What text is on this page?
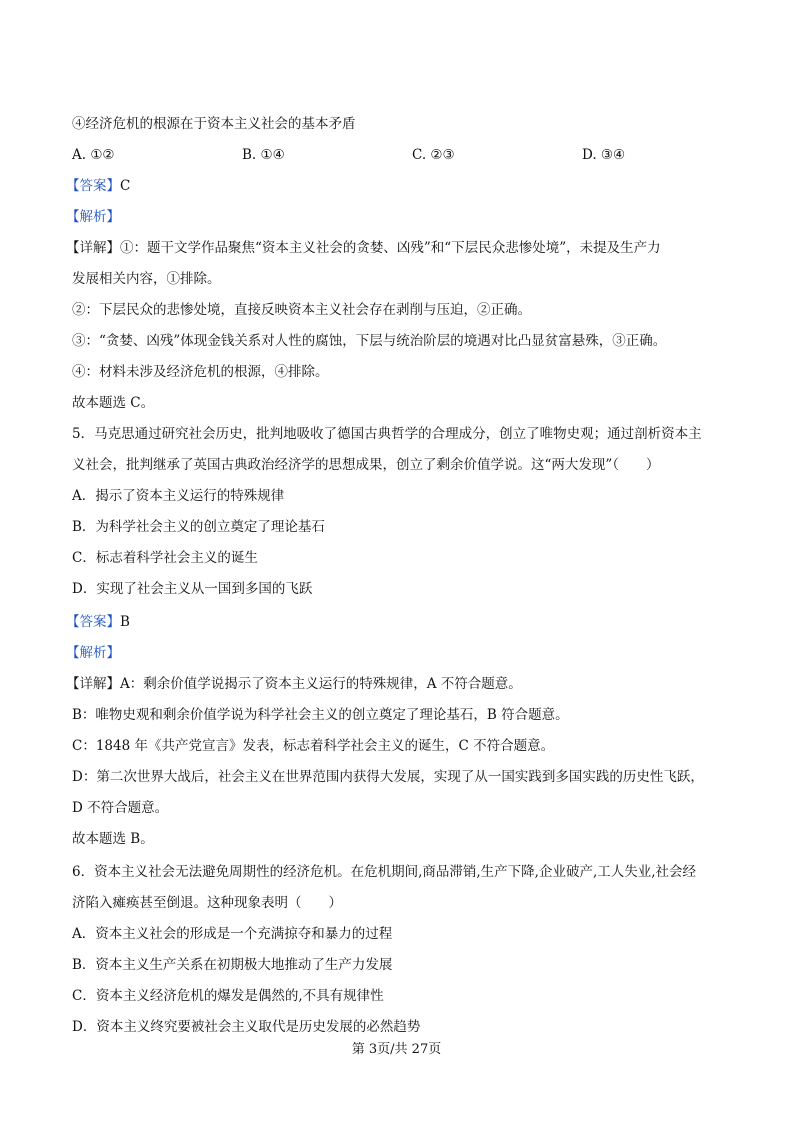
④经济危机的根源在于资本主义社会的基本矛盾
A. ①②	B. ①④	C. ②③	D. ③④
【答案】C
【解析】
【详解】①：题干文学作品聚焦“资本主义社会的贪婪、凶残”和“下层民众悲惨处境”，未提及生产力
发展相关内容，①排除。
②：下层民众的悲惨处境，直接反映资本主义社会存在剥削与压迫，②正确。
③：“贪婪、凶残”体现金钱关系对人性的腐蚀，下层与统治阶层的境遇对比凸显贫富悬殊，③正确。
④：材料未涉及经济危机的根源，④排除。
故本题选 C。
5．马克思通过研究社会历史，批判地吸收了德国古典哲学的合理成分，创立了唯物史观；通过剖析资本主
义社会，批判继承了英国古典政治经济学的思想成果，创立了剩余价值学说。这“两大发现”（　　）
A．揭示了资本主义运行的特殊规律
B．为科学社会主义的创立奠定了理论基石
C．标志着科学社会主义的诞生
D．实现了社会主义从一国到多国的飞跃
【答案】B
【解析】
【详解】A：剩余价值学说揭示了资本主义运行的特殊规律，A 不符合题意。
B：唯物史观和剩余价值学说为科学社会主义的创立奠定了理论基石，B 符合题意。
C：1848 年《共产党宣言》发表，标志着科学社会主义的诞生，C 不符合题意。
D：第二次世界大战后，社会主义在世界范围内获得大发展，实现了从一国实践到多国实践的历史性飞跃，
D 不符合题意。
故本题选 B。
6．资本主义社会无法避免周期性的经济危机。在危机期间,商品滞销,生产下降,企业破产,工人失业,社会经
济陷入瘫痪甚至倒退。这种现象表明（　　）
A．资本主义社会的形成是一个充满掠夺和暴力的过程
B．资本主义生产关系在初期极大地推动了生产力发展
C．资本主义经济危机的爆发是偶然的,不具有规律性
D．资本主义终究要被社会主义取代是历史发展的必然趋势
第 3页/共 27页
